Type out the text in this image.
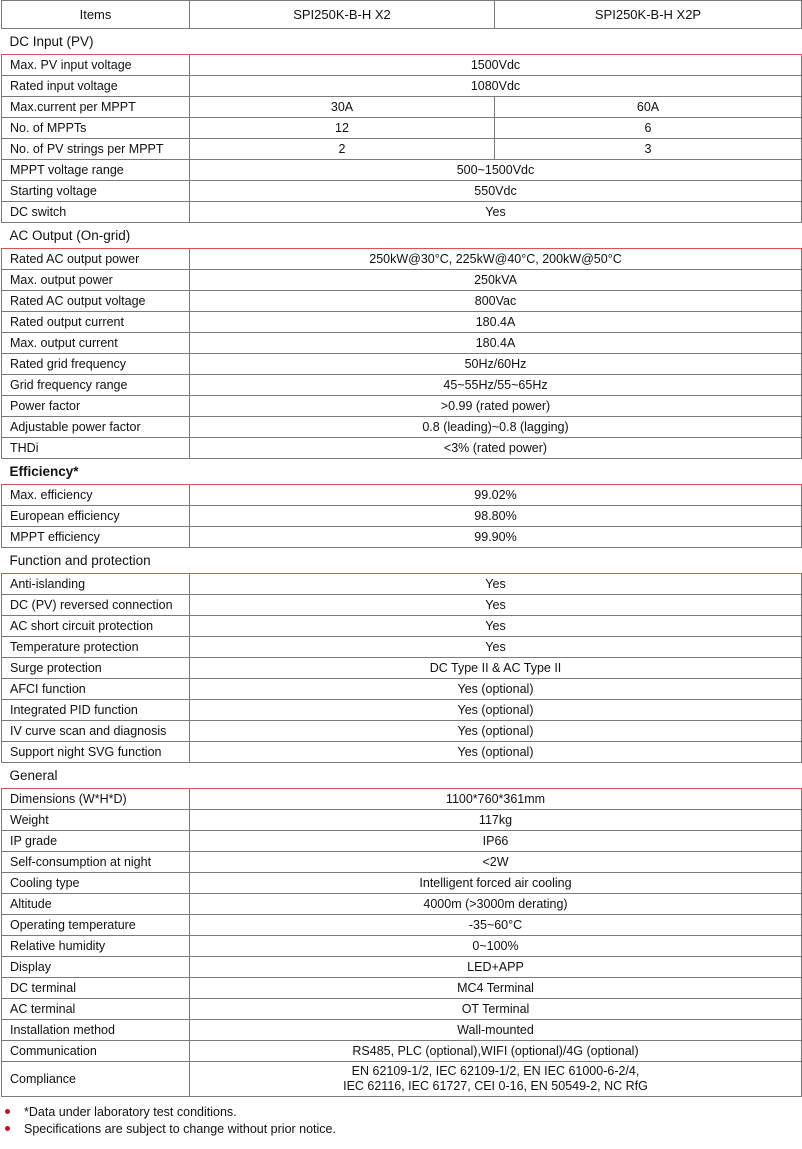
Items	SPI250K-B-H X2	SPI250K-B-H X2P
DC Input (PV)		
Max. PV input voltage	1500Vdc	
Rated input voltage	1080Vdc	
Max.current per MPPT	30A	60A
No. of MPPTs	12	6
No. of PV strings per MPPT	2	3
MPPT voltage range	500~1500Vdc	
Starting voltage	550Vdc	
DC switch	Yes	
AC Output (On-grid)		
Rated AC output power	250kW@30°C, 225kW@40°C, 200kW@50°C	
Max. output power	250kVA	
Rated AC output voltage	800Vac	
Rated output current	180.4A	
Max. output current	180.4A	
Rated grid frequency	50Hz/60Hz	
Grid frequency range	45~55Hz/55~65Hz	
Power factor	>0.99 (rated power)	
Adjustable power factor	0.8 (leading)~0.8 (lagging)	
THDi	<3% (rated power)	
Efficiency*		
Max. efficiency	99.02%	
European efficiency	98.80%	
MPPT efficiency	99.90%	
Function and protection		
Anti-islanding	Yes	
DC (PV) reversed connection	Yes	
AC short circuit protection	Yes	
Temperature protection	Yes	
Surge protection	DC Type II & AC Type II	
AFCI function	Yes (optional)	
Integrated PID function	Yes (optional)	
IV curve scan and diagnosis	Yes (optional)	
Support night SVG function	Yes (optional)	
General		
Dimensions (W*H*D)	1100*760*361mm	
Weight	117kg	
IP grade	IP66	
Self-consumption at night	<2W	
Cooling type	Intelligent forced air cooling	
Altitude	4000m (>3000m derating)	
Operating temperature	-35~60°C	
Relative humidity	0~100%	
Display	LED+APP	
DC terminal	MC4 Terminal	
AC terminal	OT Terminal	
Installation method	Wall-mounted	
Communication	RS485, PLC (optional),WIFI (optional)/4G (optional)	
Compliance	EN 62109-1/2, IEC 62109-1/2, EN IEC 61000-6-2/4,
IEC 62116, IEC 61727, CEI 0-16, EN 50549-2, NC RfG	
*Data under laboratory test conditions.
Specifications are subject to change without prior notice.
